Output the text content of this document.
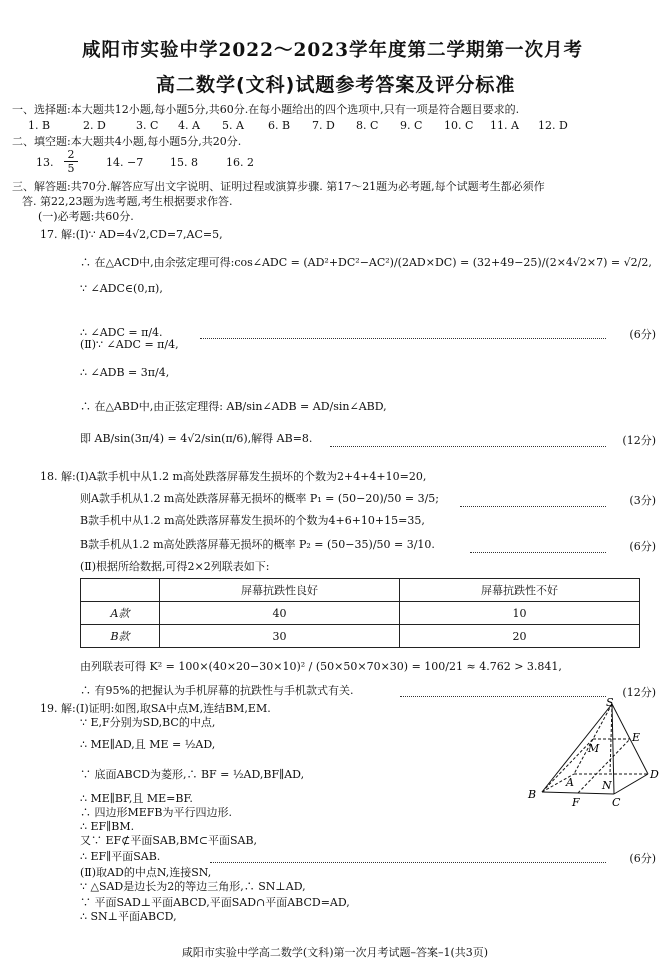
咸阳市实验中学2022～2023学年度第二学期第一次月考
高二数学(文科)试题参考答案及评分标准
一、选择题:本大题共12小题,每小题5分,共60分.在每小题给出的四个选项中,只有一项是符合题目要求的.
1. B	2. D	3. C 4. A 5. A 6. B 7. D 8. C 9. C 10. C 11. A 12. D
二、填空题:本大题共4小题,每小题5分,共20分.
13. $\frac{2}{5}$	14. −7 15. 8	16. 2
三、解答题:共70分.解答应写出文字说明、证明过程或演算步骤. 第17～21题为必考题,每个试题考生都必须作
答. 第22,23题为选考题,考生根据要求作答.
(一)必考题:共60分.
17. 解:(Ⅰ)∵ AD=4√2,CD=7,AC=5,
∴ 在△ACD中,由余弦定理可得:cos∠ADC = (AD²+DC²−AC²)/(2AD×DC) = (32+49−25)/(2×4√2×7) = √2/2,
∵ ∠ADC∈(0,π),
∴ ∠ADC = π/4.	(6分)
(Ⅱ)∵ ∠ADC = π/4,
∴ ∠ADB = 3π/4,
∴ 在△ABD中,由正弦定理得: AB/sin∠ADB = AD/sin∠ABD,
即 AB/sin(3π/4) = 4√2/sin(π/6),解得 AB=8.	(12分)
18. 解:(Ⅰ)A款手机中从1.2 m高处跌落屏幕发生损坏的个数为2+4+4+10=20,
则A款手机从1.2 m高处跌落屏幕无损坏的概率 P₁ = (50−20)/50 = 3/5;	(3分)
B款手机中从1.2 m高处跌落屏幕发生损坏的个数为4+6+10+15=35,
B款手机从1.2 m高处跌落屏幕无损坏的概率 P₂ = (50−35)/50 = 3/10.	(6分)
(Ⅱ)根据所给数据,可得2×2列联表如下:
	屏幕抗跌性良好	屏幕抗跌性不好
A款	40	10
B款	30	20
由列联表可得 K² = 100×(40×20−30×10)² / (50×50×70×30) = 100/21 ≈ 4.762 > 3.841,
∴ 有95%的把握认为手机屏幕的抗跌性与手机款式有关.	(12分)
19. 解:(Ⅰ)证明:如图,取SA中点M,连结BM,EM.
∵ E,F分别为SD,BC的中点,
∴ ME∥AD,且 ME = ½AD,
∵ 底面ABCD为菱形,∴ BF = ½AD,BF∥AD,
∴ ME∥BF,且 ME=BF.
∴ 四边形MEFB为平行四边形.
∴ EF∥BM.
又∵ EF⊄平面SAB,BM⊂平面SAB,
∴ EF∥平面SAB.	(6分)
(Ⅱ)取AD的中点N,连接SN,
∵ △SAD是边长为2的等边三角形,∴ SN⊥AD,
∵ 平面SAD⊥平面ABCD,平面SAD∩平面ABCD=AD,
∴ SN⊥平面ABCD,
S
E
M
A	N
D
B
F	C
咸阳市实验中学高二数学(文科)第一次月考试题–答案–1(共3页)
